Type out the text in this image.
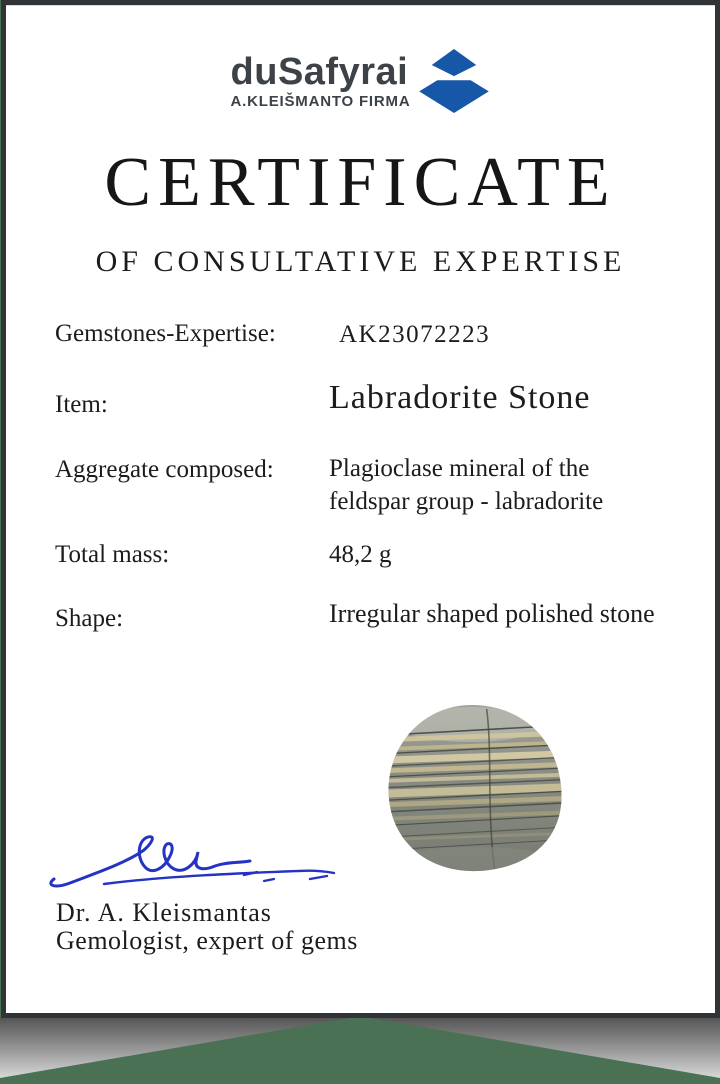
duSafyrai
A.KLEIŠMANTO FIRMA
CERTIFICATE
OF CONSULTATIVE EXPERTISE
Gemstones-Expertise:	AK23072223
Item:	Labradorite Stone
Aggregate composed: Plagioclase mineral of the feldspar group - labradorite
Total mass:	48,2 g
Shape:	Irregular shaped polished stone
Dr. A. Kleismantas
Gemologist, expert of gems
